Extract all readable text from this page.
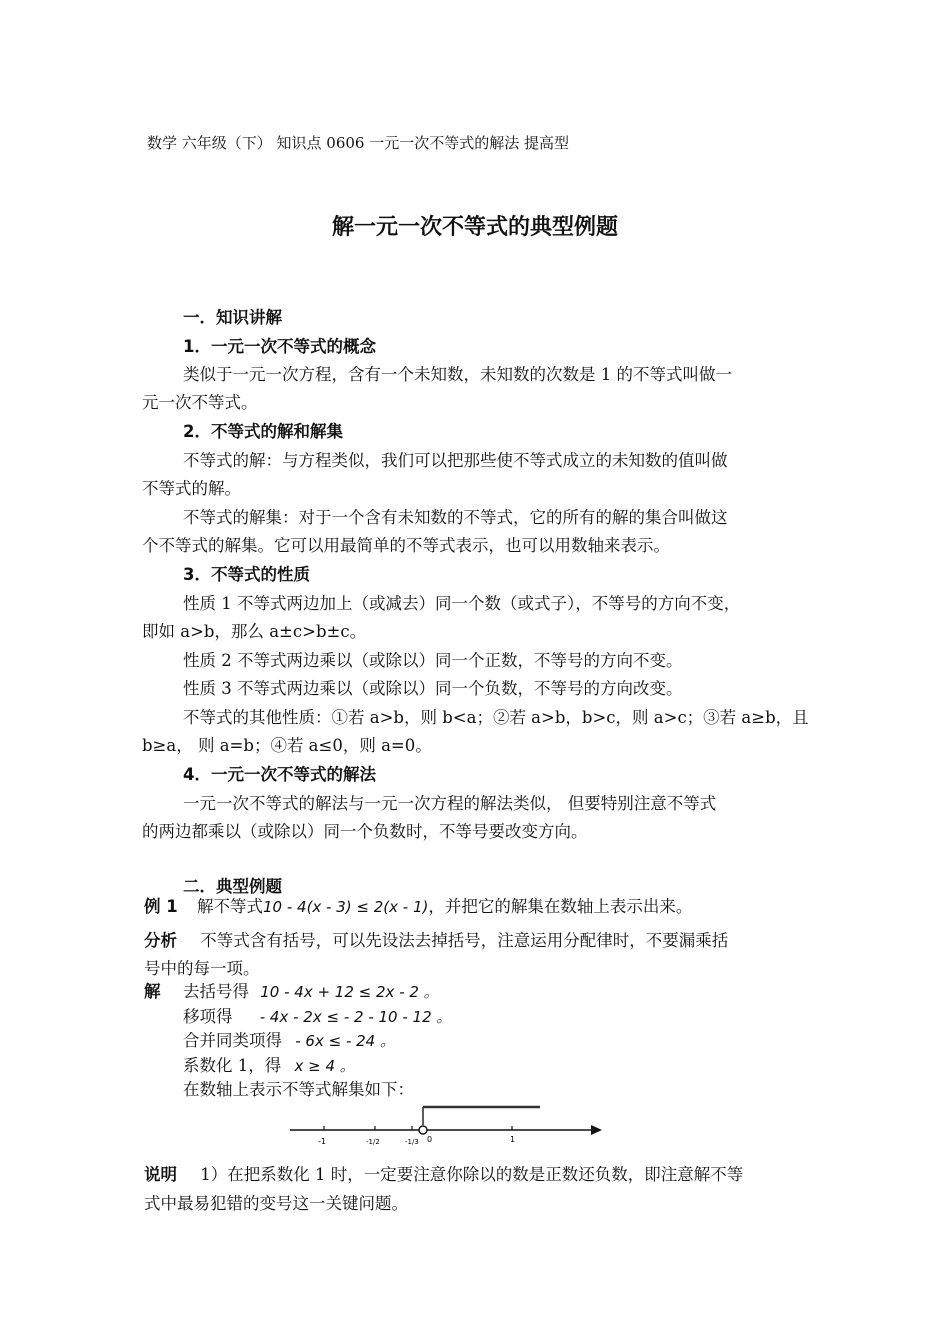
数学 六年级（下） 知识点 0606 一元一次不等式的解法 提高型
解一元一次不等式的典型例题
一．知识讲解
1．一元一次不等式的概念
类似于一元一次方程，含有一个未知数，未知数的次数是 1 的不等式叫做一
元一次不等式。
2．不等式的解和解集
不等式的解：与方程类似，我们可以把那些使不等式成立的未知数的值叫做
不等式的解。
不等式的解集：对于一个含有未知数的不等式，它的所有的解的集合叫做这
个不等式的解集。它可以用最简单的不等式表示，也可以用数轴来表示。
3．不等式的性质
性质 1 不等式两边加上（或减去）同一个数（或式子），不等号的方向不变，
即如 a>b，那么 a±c>b±c。
性质 2 不等式两边乘以（或除以）同一个正数，不等号的方向不变。
性质 3 不等式两边乘以（或除以）同一个负数，不等号的方向改变。
不等式的其他性质：①若 a>b，则 b<a；②若 a>b，b>c，则 a>c；③若 a≥b，且
b≥a， 则 a=b；④若 a≤0，则 a=0。
4．一元一次不等式的解法
一元一次不等式的解法与一元一次方程的解法类似， 但要特别注意不等式
的两边都乘以（或除以）同一个负数时，不等号要改变方向。
二．典型例题
例 1 解不等式10 - 4(x - 3) ≤ 2(x - 1)，并把它的解集在数轴上表示出来。
分析 不等式含有括号，可以先设法去掉括号，注意运用分配律时，不要漏乘括
号中的每一项。
解 去括号得 10 - 4x + 12 ≤ 2x - 2 。
移项得 - 4x - 2x ≤ - 2 - 10 - 12 。
合并同类项得 - 6x ≤ - 24 。
系数化 1，得 x ≥ 4 。
在数轴上表示不等式解集如下：
-1	-1/2	-1/3 0	1
说明 1）在把系数化 1 时，一定要注意你除以的数是正数还负数，即注意解不等
式中最易犯错的变号这一关键问题。
